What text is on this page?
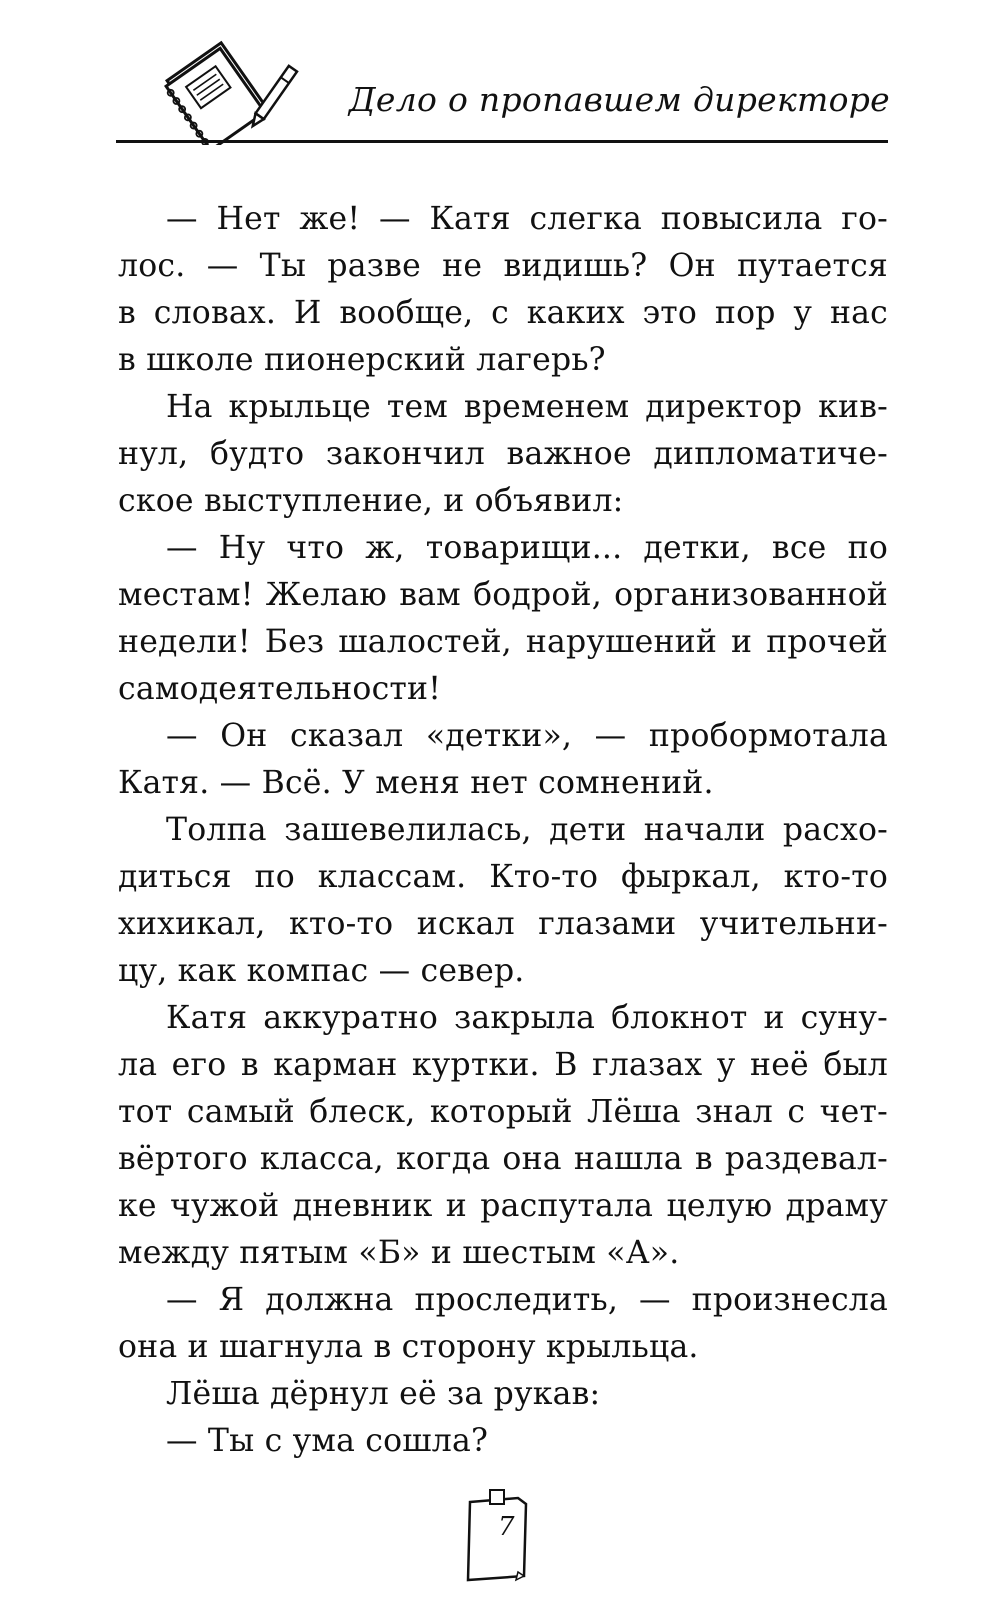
Дело о пропавшем директоре

— Нет же! — Катя слегка повысила го-
лос. — Ты разве не видишь? Он путается
в словах. И вообще, с каких это пор у нас
в школе пионерский лагерь?

На крыльце тем временем директор кив-
нул, будто закончил важное дипломатиче-
ское выступление, и объявил:

— Ну что ж, товарищи... детки, все по
местам! Желаю вам бодрой, организованной
недели! Без шалостей, нарушений и прочей
самодеятельности!

— Он сказал «детки», — пробормотала
Катя. — Всё. У меня нет сомнений.

Толпа зашевелилась, дети начали расхо-
диться по классам. Кто-то фыркал, кто-то
хихикал, кто-то искал глазами учительни-
цу, как компас — север.

Катя аккуратно закрыла блокнот и суну-
ла его в карман куртки. В глазах у неё был
тот самый блеск, который Лёша знал с чет-
вёртого класса, когда она нашла в раздевал-
ке чужой дневник и распутала целую драму
между пятым «Б» и шестым «А».

— Я должна проследить, — произнесла
она и шагнула в сторону крыльца.

Лёша дёрнул её за рукав:

— Ты с ума сошла?

7
